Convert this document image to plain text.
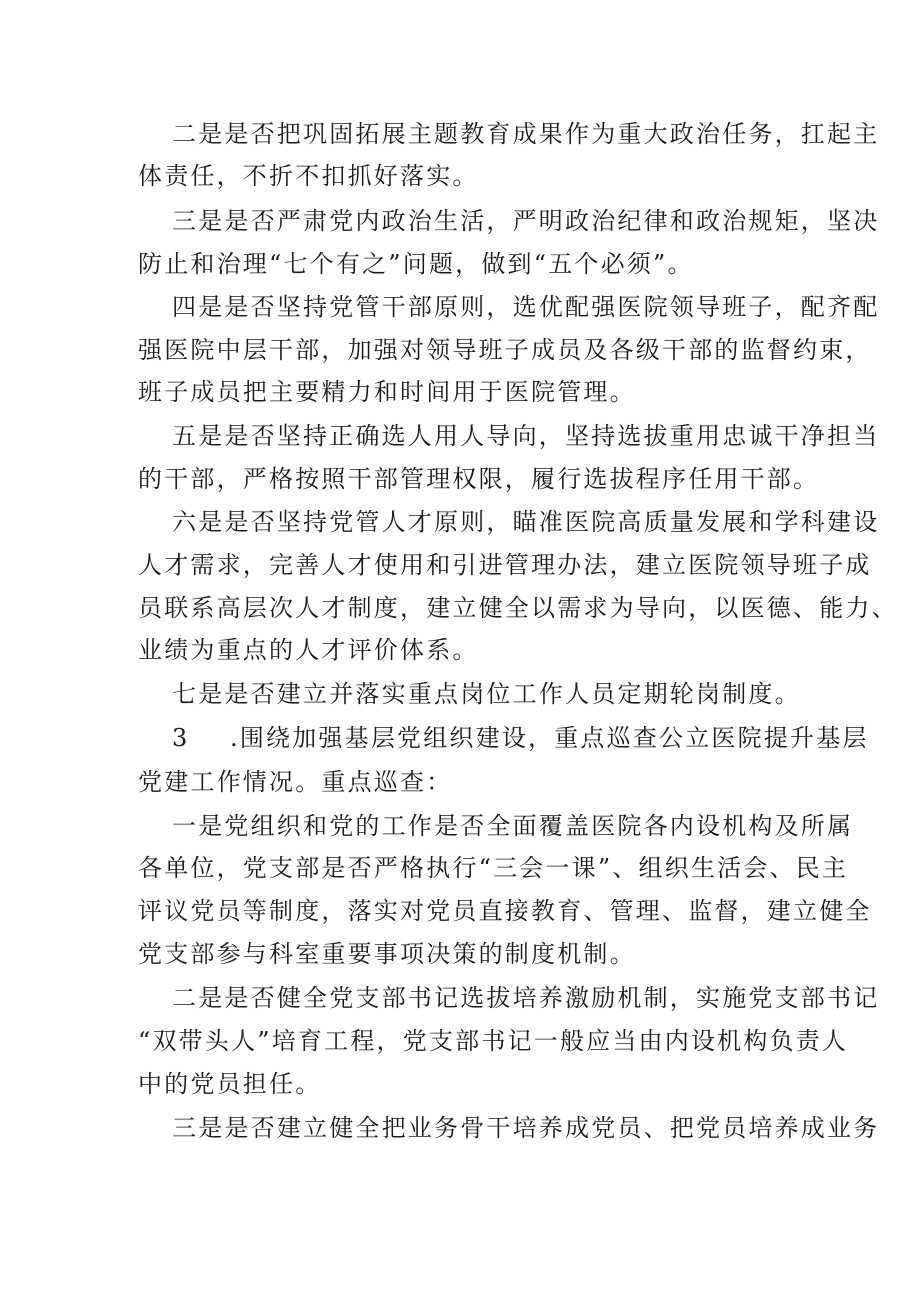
二是是否把巩固拓展主题教育成果作为重大政治任务，扛起主
体责任，不折不扣抓好落实。
三是是否严肃党内政治生活，严明政治纪律和政治规矩，坚决
防止和治理“七个有之”问题，做到“五个必须”。
四是是否坚持党管干部原则，选优配强医院领导班子，配齐配
强医院中层干部，加强对领导班子成员及各级干部的监督约束，
班子成员把主要精力和时间用于医院管理。
五是是否坚持正确选人用人导向，坚持选拔重用忠诚干净担当
的干部，严格按照干部管理权限，履行选拔程序任用干部。
六是是否坚持党管人才原则，瞄准医院高质量发展和学科建设
人才需求，完善人才使用和引进管理办法，建立医院领导班子成
员联系高层次人才制度，建立健全以需求为导向，以医德、能力、
业绩为重点的人才评价体系。
七是是否建立并落实重点岗位工作人员定期轮岗制度。
3 .围绕加强基层党组织建设，重点巡查公立医院提升基层
党建工作情况。重点巡查：
一是党组织和党的工作是否全面覆盖医院各内设机构及所属
各单位，党支部是否严格执行“三会一课”、组织生活会、民主
评议党员等制度，落实对党员直接教育、管理、监督，建立健全
党支部参与科室重要事项决策的制度机制。
二是是否健全党支部书记选拔培养激励机制，实施党支部书记
“双带头人”培育工程，党支部书记一般应当由内设机构负责人
中的党员担任。
三是是否建立健全把业务骨干培养成党员、把党员培养成业务
